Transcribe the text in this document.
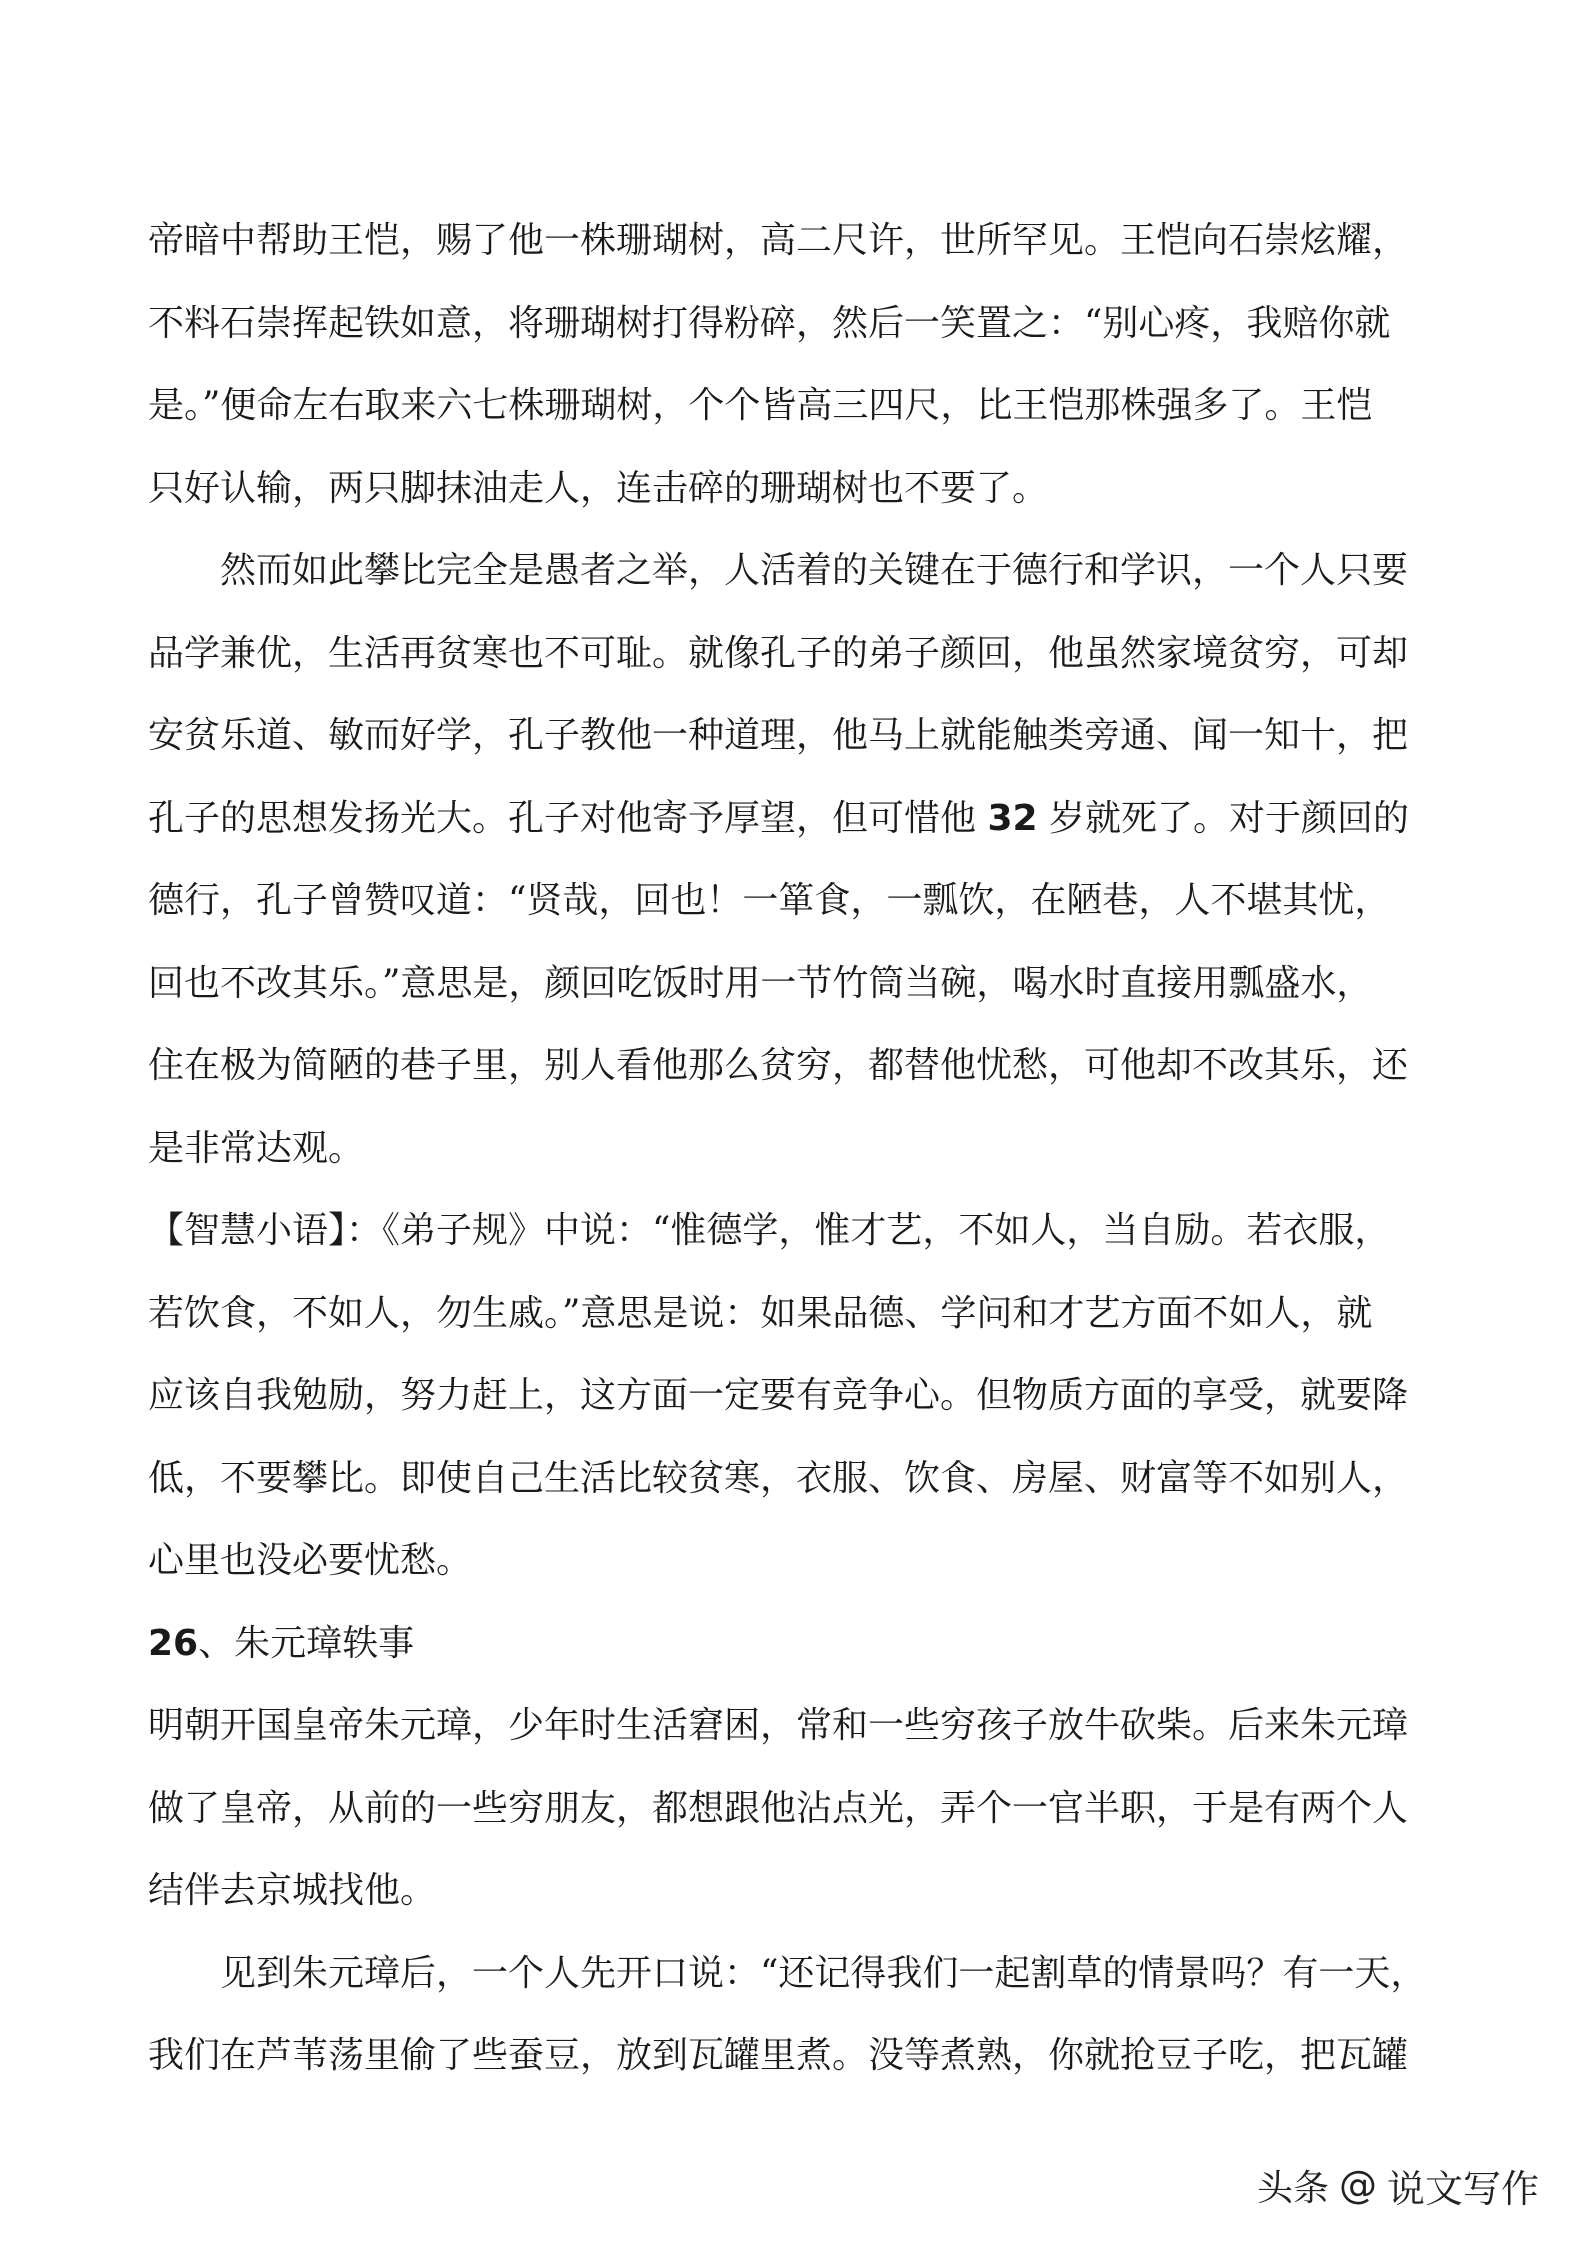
帝暗中帮助王恺，赐了他一株珊瑚树，高二尺许，世所罕见。王恺向石崇炫耀，
不料石崇挥起铁如意，将珊瑚树打得粉碎，然后一笑置之：“别心疼，我赔你就
是。”便命左右取来六七株珊瑚树，个个皆高三四尺，比王恺那株强多了。王恺
只好认输，两只脚抹油走人，连击碎的珊瑚树也不要了。
然而如此攀比完全是愚者之举，人活着的关键在于德行和学识，一个人只要
品学兼优，生活再贫寒也不可耻。就像孔子的弟子颜回，他虽然家境贫穷，可却
安贫乐道、敏而好学，孔子教他一种道理，他马上就能触类旁通、闻一知十，把
孔子的思想发扬光大。孔子对他寄予厚望，但可惜他 32 岁就死了。对于颜回的
德行，孔子曾赞叹道：“贤哉，回也！一箪食，一瓢饮，在陋巷，人不堪其忧，
回也不改其乐。”意思是，颜回吃饭时用一节竹筒当碗，喝水时直接用瓢盛水，
住在极为简陋的巷子里，别人看他那么贫穷，都替他忧愁，可他却不改其乐，还
是非常达观。
【智慧小语】：《弟子规》中说：“惟德学，惟才艺，不如人，当自励。若衣服，
若饮食，不如人，勿生戚。”意思是说：如果品德、学问和才艺方面不如人，就
应该自我勉励，努力赶上，这方面一定要有竞争心。但物质方面的享受，就要降
低，不要攀比。即使自己生活比较贫寒，衣服、饮食、房屋、财富等不如别人，
心里也没必要忧愁。
26、朱元璋轶事
明朝开国皇帝朱元璋，少年时生活窘困，常和一些穷孩子放牛砍柴。后来朱元璋
做了皇帝，从前的一些穷朋友，都想跟他沾点光，弄个一官半职，于是有两个人
结伴去京城找他。
见到朱元璋后，一个人先开口说：“还记得我们一起割草的情景吗？有一天，
我们在芦苇荡里偷了些蚕豆，放到瓦罐里煮。没等煮熟，你就抢豆子吃，把瓦罐
头条 @ 说文写作
